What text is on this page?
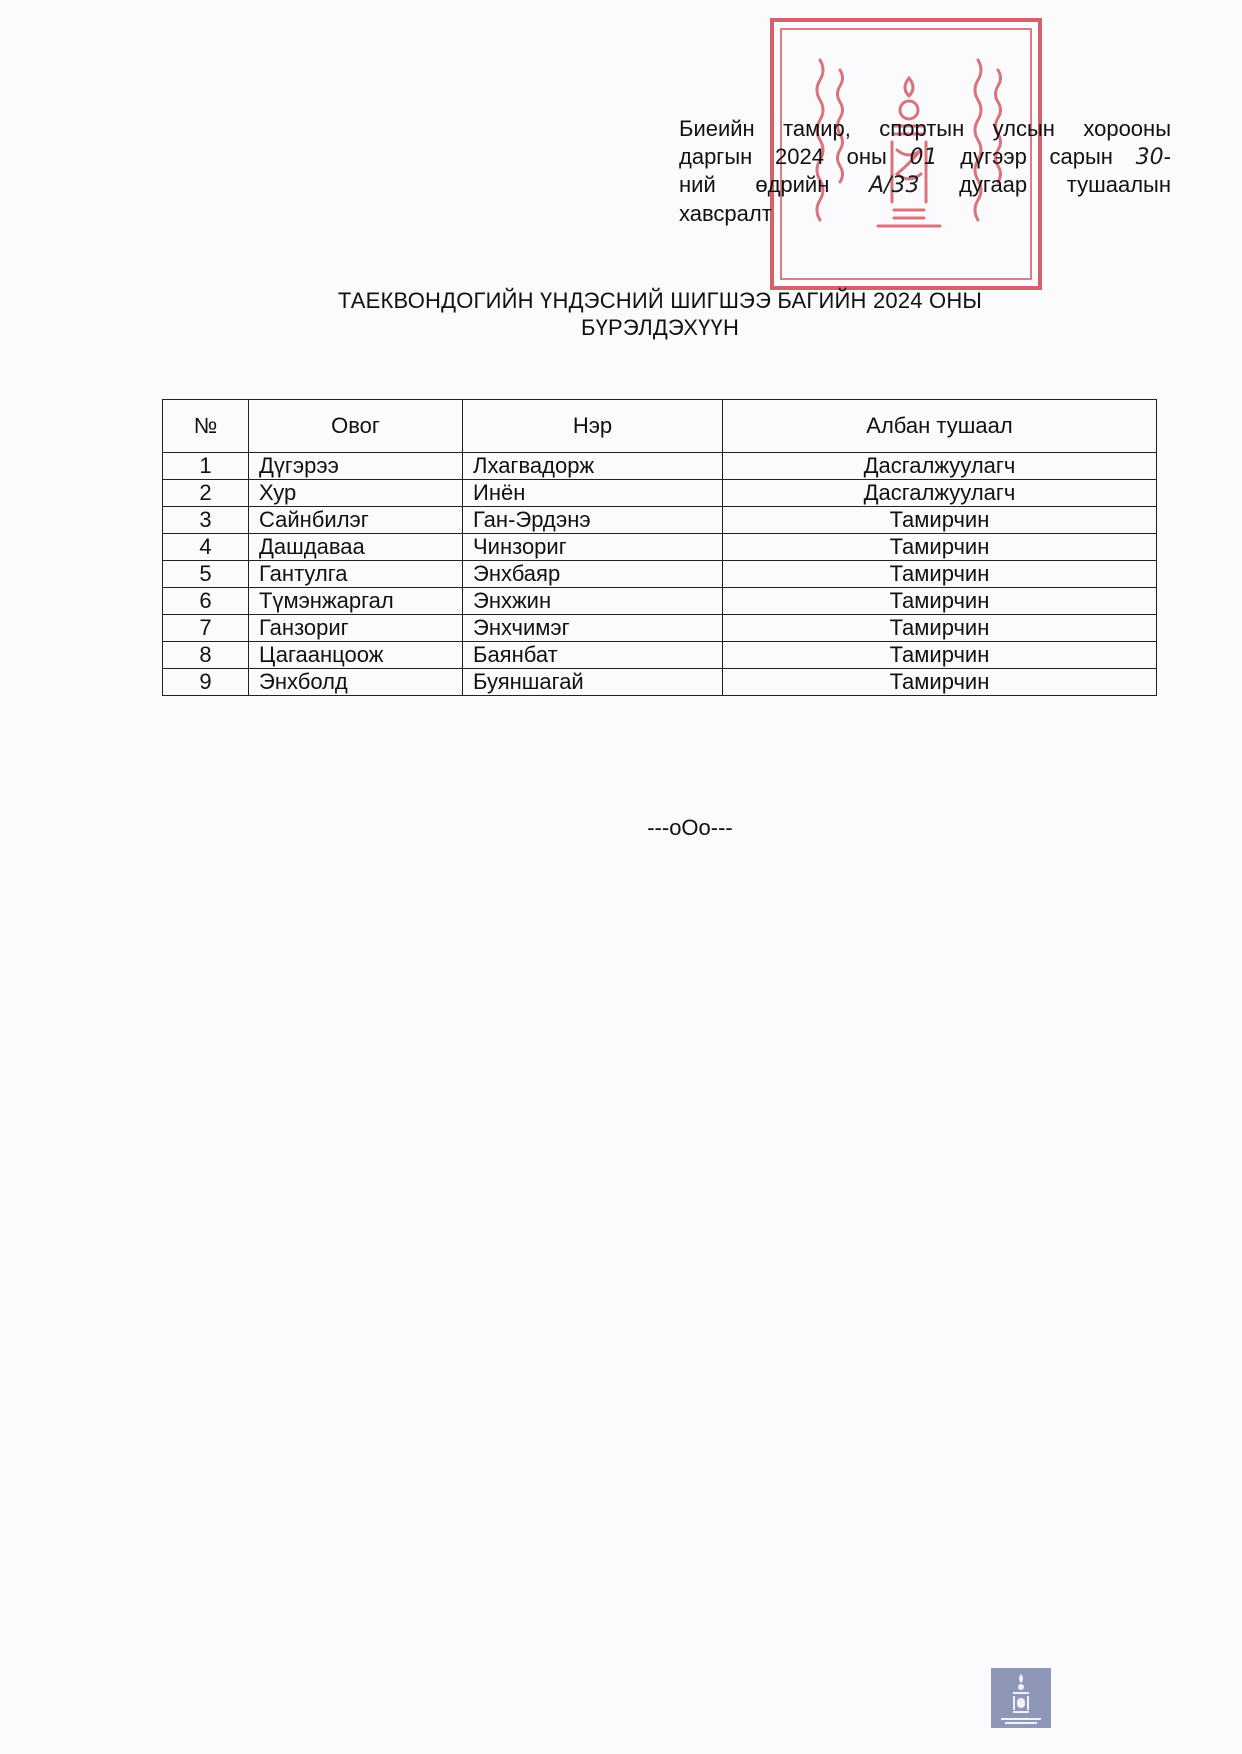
Биеийн тамир, спортын улсын хорооны
даргын 2024 оны 01 дүгээр сарын 30-
ний өдрийн A/33 дугаар тушаалын
хавсралт
ТАЕКВОНДОГИЙН ҮНДЭСНИЙ ШИГШЭЭ БАГИЙН 2024 ОНЫ
БҮРЭЛДЭХҮҮН
№	Овог	Нэр	Албан тушаал
1	Дүгэрээ	Лхагвадорж	Дасгалжуулагч
2	Хур	Инён	Дасгалжуулагч
3	Сайнбилэг	Ган-Эрдэнэ	Тамирчин
4	Дашдаваа	Чинзориг	Тамирчин
5	Гантулга	Энхбаяр	Тамирчин
6	Түмэнжаргал	Энхжин	Тамирчин
7	Ганзориг	Энхчимэг	Тамирчин
8	Цагаанцоож	Баянбат	Тамирчин
9	Энхболд	Буяншагай	Тамирчин
---oOo---
